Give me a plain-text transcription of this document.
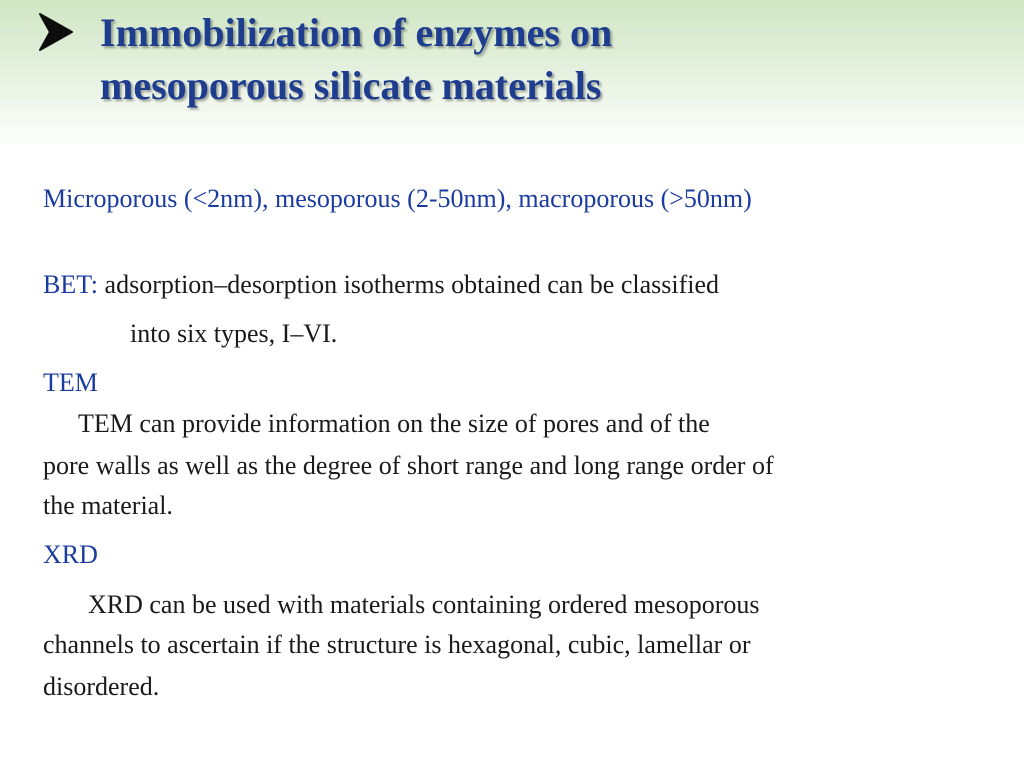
Immobilization of enzymes on
mesoporous silicate materials

Microporous (<2nm), mesoporous (2-50nm), macroporous (>50nm)

BET: adsorption–desorption isotherms obtained can be classified

into six types, I–VI.

TEM

TEM can provide information on the size of pores and of the

pore walls as well as the degree of short range and long range order of

the material.

XRD

XRD can be used with materials containing ordered mesoporous

channels to ascertain if the structure is hexagonal, cubic, lamellar or

disordered.
